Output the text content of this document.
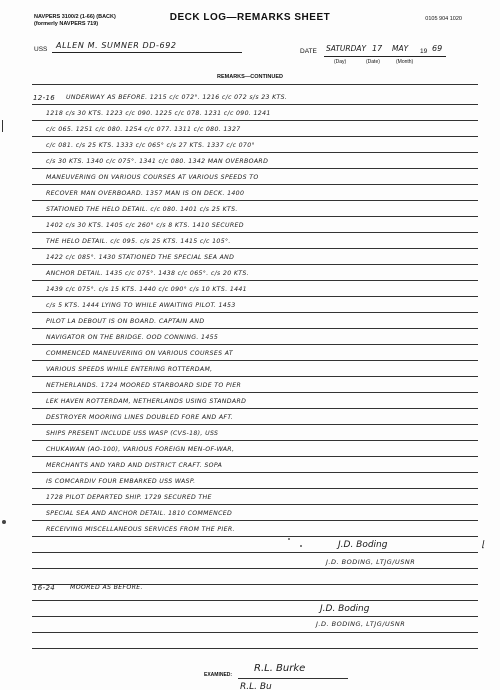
NAVPERS 3100/2 (1-66) (BACK)
(formerly NAVPERS 719)
DECK LOG—REMARKS SHEET	0105 904 1020
USS ALLEN M. SUMNER DD-692
DATE SATURDAY 17 MAY 19 69
(Day)	(Date)	(Month)
REMARKS—CONTINUED
12-16 UNDERWAY AS BEFORE. 1215 c/c 072°. 1216 c/c 072 s/s 23 KTS.
1218 c/s 30 KTS. 1223 c/c 090. 1225 c/c 078. 1231 c/c 090. 1241
c/c 065. 1251 c/c 080. 1254 c/c 077. 1311 c/c 080. 1327
c/c 081. c/s 25 KTS. 1333 c/c 065° c/s 27 KTS. 1337 c/c 070°
c/s 30 KTS. 1340 c/c 075°. 1341 c/c 080. 1342 MAN OVERBOARD
MANEUVERING ON VARIOUS COURSES AT VARIOUS SPEEDS TO
RECOVER MAN OVERBOARD. 1357 MAN IS ON DECK. 1400
STATIONED THE HELO DETAIL. c/c 080. 1401 c/s 25 KTS.
1402 c/s 30 KTS. 1405 c/c 260° c/s 8 KTS. 1410 SECURED
THE HELO DETAIL. c/c 095. c/s 25 KTS. 1415 c/c 105°.
1422 c/c 085°. 1430 STATIONED THE SPECIAL SEA AND
ANCHOR DETAIL. 1435 c/c 075°. 1438 c/c 065°. c/s 20 KTS.
1439 c/c 075°. c/s 15 KTS. 1440 c/c 090° c/s 10 KTS. 1441
c/s 5 KTS. 1444 LYING TO WHILE AWAITING PILOT. 1453
PILOT LA DEBOUT IS ON BOARD. CAPTAIN AND
NAVIGATOR ON THE BRIDGE. OOD CONNING. 1455
COMMENCED MANEUVERING ON VARIOUS COURSES AT
VARIOUS SPEEDS WHILE ENTERING ROTTERDAM,
NETHERLANDS. 1724 MOORED STARBOARD SIDE TO PIER
LEK HAVEN ROTTERDAM, NETHERLANDS USING STANDARD
DESTROYER MOORING LINES DOUBLED FORE AND AFT.
SHIPS PRESENT INCLUDE USS WASP (CVS-18), USS
CHUKAWAN (AO-100), VARIOUS FOREIGN MEN-OF-WAR,
MERCHANTS AND YARD AND DISTRICT CRAFT. SOPA
IS COMCARDIV FOUR EMBARKED USS WASP.
1728 PILOT DEPARTED SHIP. 1729 SECURED THE
SPECIAL SEA AND ANCHOR DETAIL. 1810 COMMENCED
RECEIVING MISCELLANEOUS SERVICES FROM THE PIER.
J.D. Boding
J.D. BODING, LTJG/USNR
16-24 MOORED AS BEFORE.
J.D. Boding
J.D. BODING, LTJG/USNR
EXAMINED:
R.L. Burke
R.L. Bu
⌊
